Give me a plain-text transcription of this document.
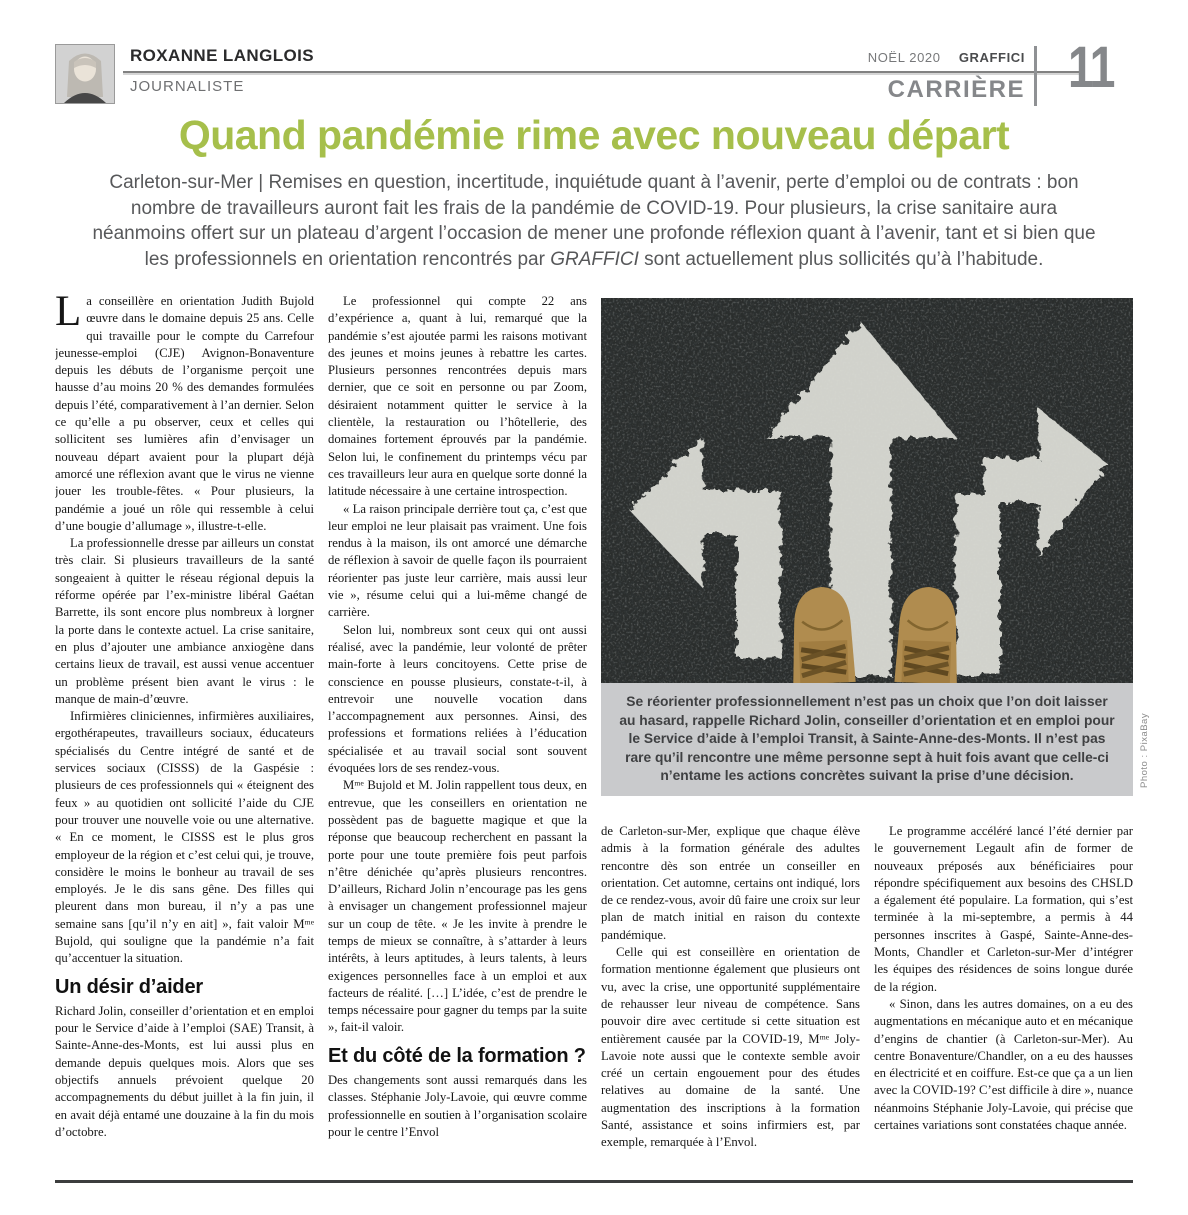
ROXANNE LANGLOIS
JOURNALISTE
NOËL 2020 GRAFFICI
CARRIÈRE 11
Quand pandémie rime avec nouveau départ

Carleton-sur-Mer | Remises en question, incertitude, inquiétude quant à l’avenir, perte d’emploi ou de contrats : bon nombre de travailleurs auront fait les frais de la pandémie de COVID-19. Pour plusieurs, la crise sanitaire aura néanmoins offert sur un plateau d’argent l’occasion de mener une profonde réflexion quant à l’avenir, tant et si bien que les professionnels en orientation rencontrés par GRAFFICI sont actuellement plus sollicités qu’à l’habitude.

La conseillère en orientation Judith Bujold œuvre dans le domaine depuis 25 ans. Celle qui travaille pour le compte du Carrefour jeunesse-emploi (CJE) Avignon-Bonaventure depuis les débuts de l’organisme perçoit une hausse d’au moins 20 % des demandes formulées depuis l’été, comparativement à l’an dernier. Selon ce qu’elle a pu observer, ceux et celles qui sollicitent ses lumières afin d’envisager un nouveau départ avaient pour la plupart déjà amorcé une réflexion avant que le virus ne vienne jouer les trouble-fêtes. « Pour plusieurs, la pandémie a joué un rôle qui ressemble à celui d’une bougie d’allumage », illustre-t-elle.

La professionnelle dresse par ailleurs un constat très clair. Si plusieurs travailleurs de la santé songeaient à quitter le réseau régional depuis la réforme opérée par l’ex-ministre libéral Gaétan Barrette, ils sont encore plus nombreux à lorgner la porte dans le contexte actuel. La crise sanitaire, en plus d’ajouter une ambiance anxiogène dans certains lieux de travail, est aussi venue accentuer un problème présent bien avant le virus : le manque de main-d’œuvre.

Infirmières cliniciennes, infirmières auxiliaires, ergothérapeutes, travailleurs sociaux, éducateurs spécialisés du Centre intégré de santé et de services sociaux (CISSS) de la Gaspésie : plusieurs de ces professionnels qui « éteignent des feux » au quotidien ont sollicité l’aide du CJE pour trouver une nouvelle voie ou une alternative. « En ce moment, le CISSS est le plus gros employeur de la région et c’est celui qui, je trouve, considère le moins le bonheur au travail de ses employés. Je le dis sans gêne. Des filles qui pleurent dans mon bureau, il n’y a pas une semaine sans [qu’il n’y en ait] », fait valoir Mᵐᵉ Bujold, qui souligne que la pandémie n’a fait qu’accentuer la situation.

Un désir d’aider

Richard Jolin, conseiller d’orientation et en emploi pour le Service d’aide à l’emploi (SAE) Transit, à Sainte-Anne-des-Monts, est lui aussi plus en demande depuis quelques mois. Alors que ses objectifs annuels prévoient quelque 20 accompagnements du début juillet à la fin juin, il en avait déjà entamé une douzaine à la fin du mois d’octobre.

Le professionnel qui compte 22 ans d’expérience a, quant à lui, remarqué que la pandémie s’est ajoutée parmi les raisons motivant des jeunes et moins jeunes à rebattre les cartes. Plusieurs personnes rencontrées depuis mars dernier, que ce soit en personne ou par Zoom, désiraient notamment quitter le service à la clientèle, la restauration ou l’hôtellerie, des domaines fortement éprouvés par la pandémie. Selon lui, le confinement du printemps vécu par ces travailleurs leur aura en quelque sorte donné la latitude nécessaire à une certaine introspection.

« La raison principale derrière tout ça, c’est que leur emploi ne leur plaisait pas vraiment. Une fois rendus à la maison, ils ont amorcé une démarche de réflexion à savoir de quelle façon ils pourraient réorienter pas juste leur carrière, mais aussi leur vie », résume celui qui a lui-même changé de carrière.

Selon lui, nombreux sont ceux qui ont aussi réalisé, avec la pandémie, leur volonté de prêter main-forte à leurs concitoyens. Cette prise de conscience en pousse plusieurs, constate-t-il, à entrevoir une nouvelle vocation dans l’accompagnement aux personnes. Ainsi, des professions et formations reliées à l’éducation spécialisée et au travail social sont souvent évoquées lors de ses rendez-vous.

Mᵐᵉ Bujold et M. Jolin rappellent tous deux, en entrevue, que les conseillers en orientation ne possèdent pas de baguette magique et que la réponse que beaucoup recherchent en passant la porte pour une toute première fois peut parfois n’être dénichée qu’après plusieurs rencontres. D’ailleurs, Richard Jolin n’encourage pas les gens à envisager un changement professionnel majeur sur un coup de tête. « Je les invite à prendre le temps de mieux se connaître, à s’attarder à leurs intérêts, à leurs aptitudes, à leurs talents, à leurs exigences personnelles face à un emploi et aux facteurs de réalité. […] L’idée, c’est de prendre le temps nécessaire pour gagner du temps par la suite », fait-il valoir.

Et du côté de la formation ?

Des changements sont aussi remarqués dans les classes. Stéphanie Joly-Lavoie, qui œuvre comme professionnelle en soutien à l’organisation scolaire pour le centre l’Envol

Se réorienter professionnellement n’est pas un choix que l’on doit laisser au hasard, rappelle Richard Jolin, conseiller d’orientation et en emploi pour le Service d’aide à l’emploi Transit, à Sainte-Anne-des-Monts. Il n’est pas rare qu’il rencontre une même personne sept à huit fois avant que celle-ci n’entame les actions concrètes suivant la prise d’une décision.	Photo : PixaBay

de Carleton-sur-Mer, explique que chaque élève admis à la formation générale des adultes rencontre dès son entrée un conseiller en orientation. Cet automne, certains ont indiqué, lors de ce rendez-vous, avoir dû faire une croix sur leur plan de match initial en raison du contexte pandémique.

Celle qui est conseillère en orientation de formation mentionne également que plusieurs ont vu, avec la crise, une opportunité supplémentaire de rehausser leur niveau de compétence. Sans pouvoir dire avec certitude si cette situation est entièrement causée par la COVID-19, Mᵐᵉ Joly-Lavoie note aussi que le contexte semble avoir créé un certain engouement pour des études relatives au domaine de la santé. Une augmentation des inscriptions à la formation Santé, assistance et soins infirmiers est, par exemple, remarquée à l’Envol.

Le programme accéléré lancé l’été dernier par le gouvernement Legault afin de former de nouveaux préposés aux bénéficiaires pour répondre spécifiquement aux besoins des CHSLD a également été populaire. La formation, qui s’est terminée à la mi-septembre, a permis à 44 personnes inscrites à Gaspé, Sainte-Anne-des-Monts, Chandler et Carleton-sur-Mer d’intégrer les équipes des résidences de soins longue durée de la région.

« Sinon, dans les autres domaines, on a eu des augmentations en mécanique auto et en mécanique d’engins de chantier (à Carleton-sur-Mer). Au centre Bonaventure/Chandler, on a eu des hausses en électricité et en coiffure. Est-ce que ça a un lien avec la COVID-19? C’est difficile à dire », nuance néanmoins Stéphanie Joly-Lavoie, qui précise que certaines variations sont constatées chaque année.
